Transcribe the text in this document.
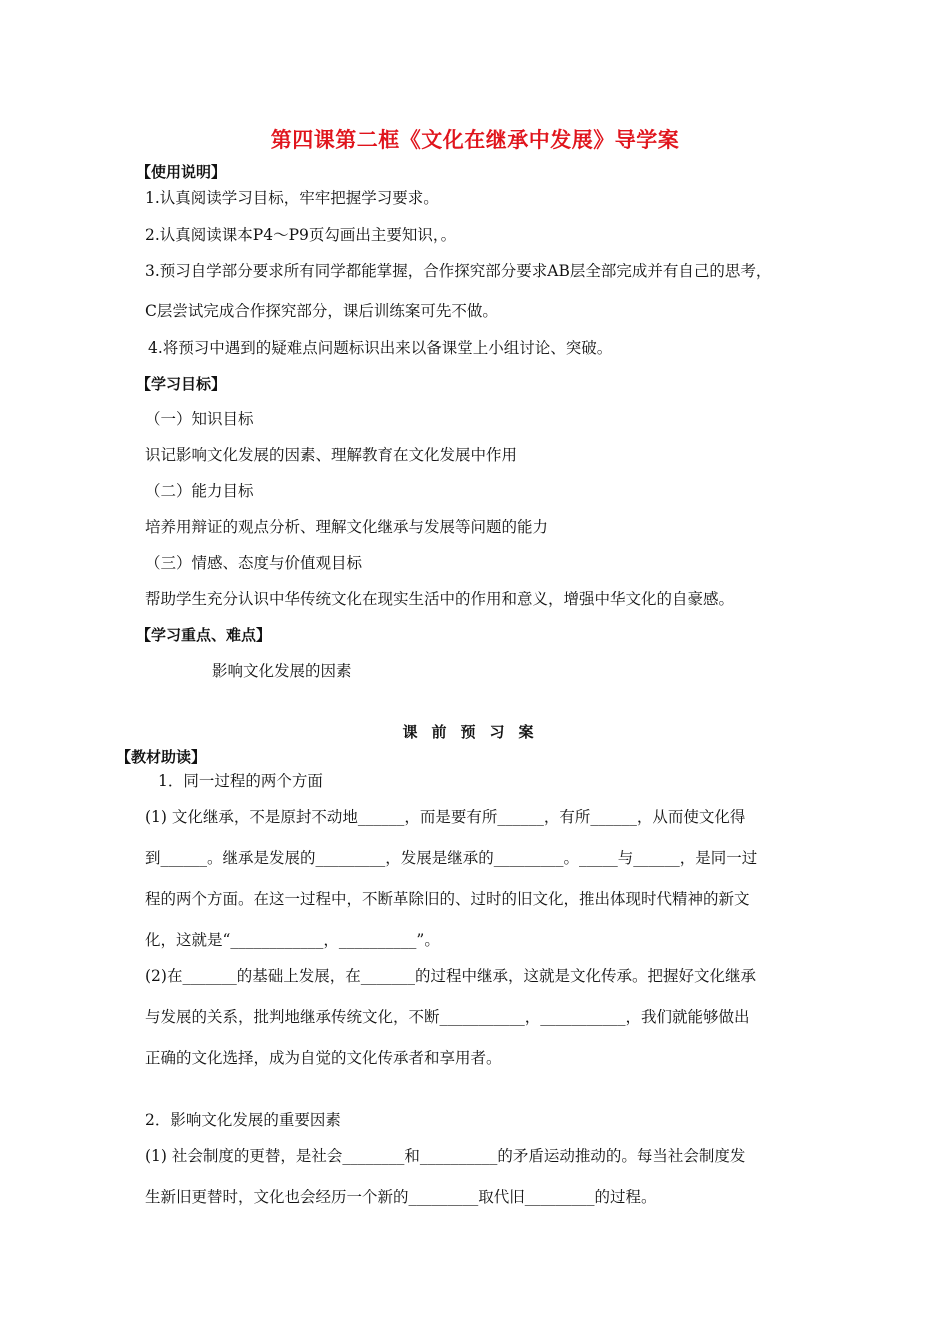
第四课第二框《文化在继承中发展》导学案
【使用说明】
1.认真阅读学习目标，牢牢把握学习要求。
2.认真阅读课本P4～P9页勾画出主要知识，。
3.预习自学部分要求所有同学都能掌握，合作探究部分要求AB层全部完成并有自己的思考，
C层尝试完成合作探究部分，课后训练案可先不做。
4.将预习中遇到的疑难点问题标识出来以备课堂上小组讨论、突破。
【学习目标】
（一）知识目标
识记影响文化发展的因素、理解教育在文化发展中作用
（二）能力目标
培养用辩证的观点分析、理解文化继承与发展等问题的能力
（三）情感、态度与价值观目标
帮助学生充分认识中华传统文化在现实生活中的作用和意义，增强中华文化的自豪感。
【学习重点、难点】
影响文化发展的因素
课前预习案
【教材助读】
1．同一过程的两个方面
(1) 文化继承，不是原封不动地______，而是要有所______，有所______，从而使文化得
到______。继承是发展的_________，发展是继承的_________。_____与______，是同一过
程的两个方面。在这一过程中，不断革除旧的、过时的旧文化，推出体现时代精神的新文
化，这就是“____________，__________”。
(2)在_______的基础上发展，在_______的过程中继承，这就是文化传承。把握好文化继承
与发展的关系，批判地继承传统文化，不断___________，___________，我们就能够做出
正确的文化选择，成为自觉的文化传承者和享用者。
2．影响文化发展的重要因素
(1) 社会制度的更替，是社会________和__________的矛盾运动推动的。每当社会制度发
生新旧更替时，文化也会经历一个新的_________取代旧_________的过程。
